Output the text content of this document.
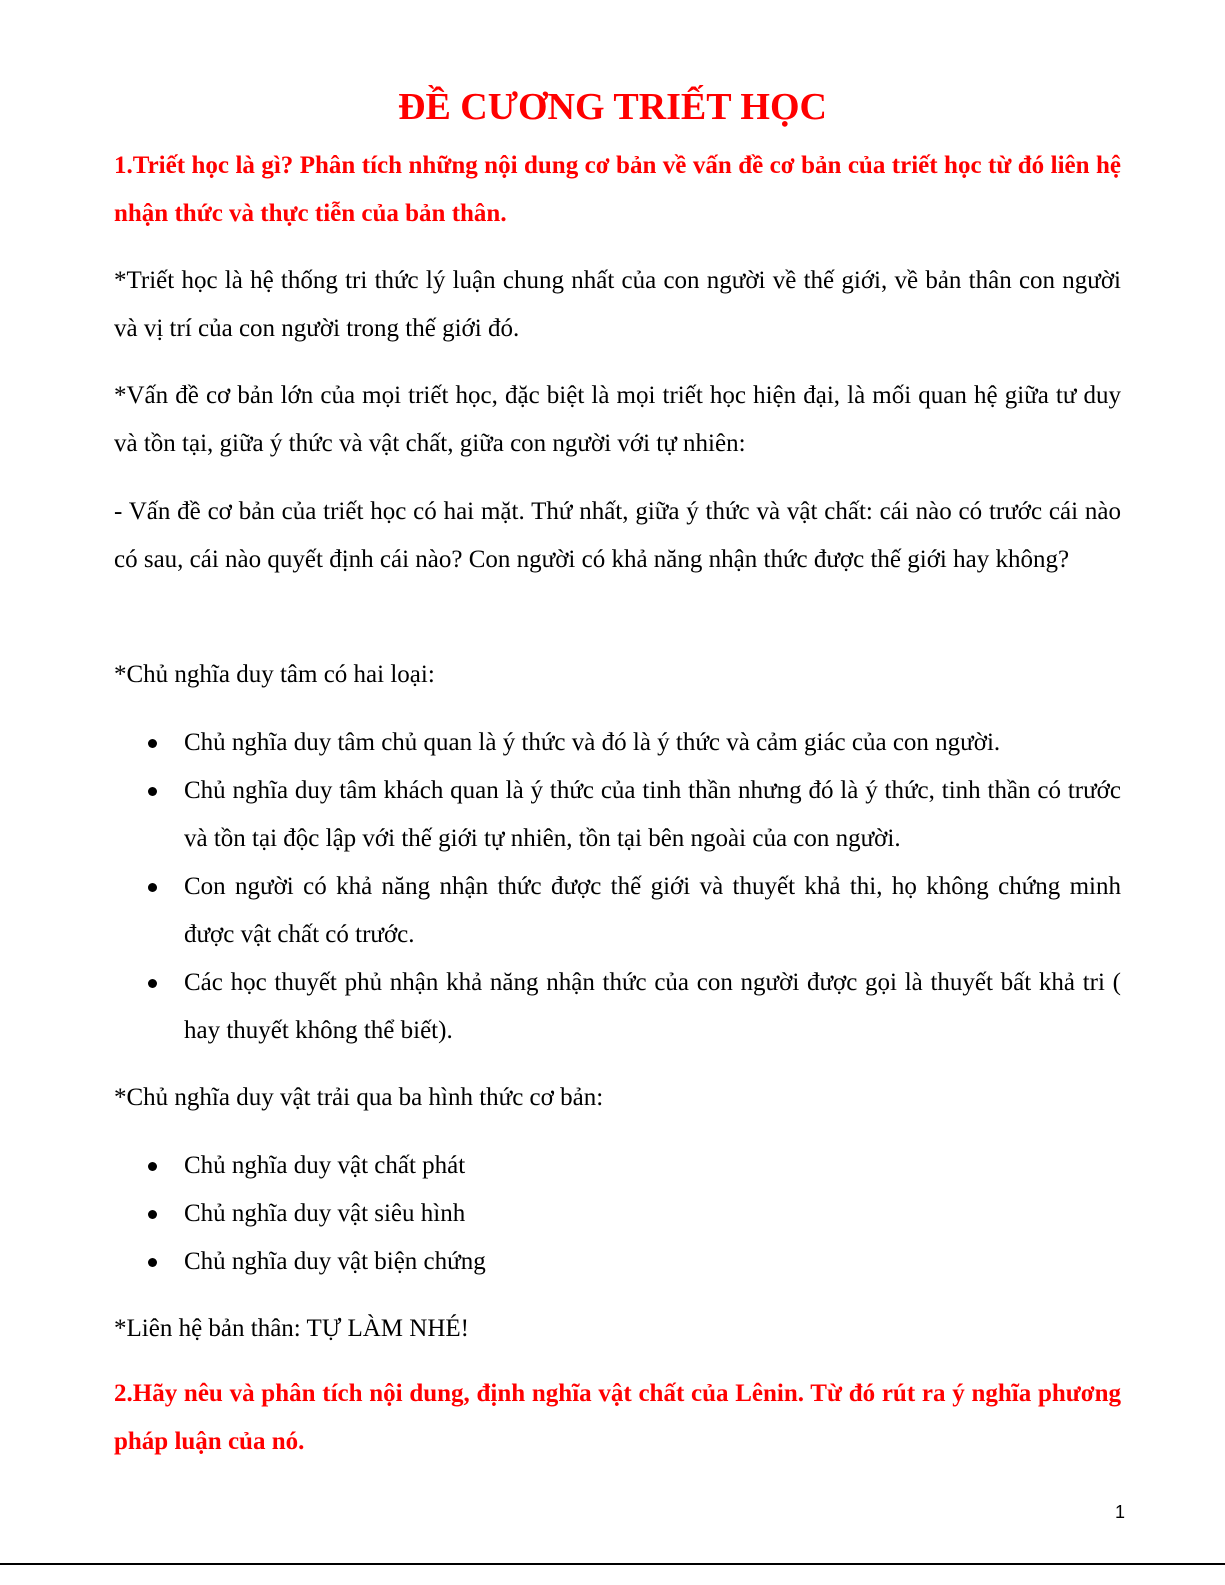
ĐỀ CƯƠNG TRIẾT HỌC

1.Triết học là gì? Phân tích những nội dung cơ bản về vấn đề cơ bản của triết học từ đó liên hệ nhận thức và thực tiễn của bản thân.

*Triết học là hệ thống tri thức lý luận chung nhất của con người về thế giới, về bản thân con người và vị trí của con người trong thế giới đó.

*Vấn đề cơ bản lớn của mọi triết học, đặc biệt là mọi triết học hiện đại, là mối quan hệ giữa tư duy và tồn tại, giữa ý thức và vật chất, giữa con người với tự nhiên:

- Vấn đề cơ bản của triết học có hai mặt. Thứ nhất, giữa ý thức và vật chất: cái nào có trước cái nào có sau, cái nào quyết định cái nào? Con người có khả năng nhận thức được thế giới hay không?

*Chủ nghĩa duy tâm có hai loại:

Chủ nghĩa duy tâm chủ quan là ý thức và đó là ý thức và cảm giác của con người.
Chủ nghĩa duy tâm khách quan là ý thức của tinh thần nhưng đó là ý thức, tinh thần có trước và tồn tại độc lập với thế giới tự nhiên, tồn tại bên ngoài của con người.
Con người có khả năng nhận thức được thế giới và thuyết khả thi, họ không chứng minh được vật chất có trước.
Các học thuyết phủ nhận khả năng nhận thức của con người được gọi là thuyết bất khả tri ( hay thuyết không thể biết).

*Chủ nghĩa duy vật trải qua ba hình thức cơ bản:

Chủ nghĩa duy vật chất phát
Chủ nghĩa duy vật siêu hình
Chủ nghĩa duy vật biện chứng

*Liên hệ bản thân: TỰ LÀM NHÉ!

2.Hãy nêu và phân tích nội dung, định nghĩa vật chất của Lênin. Từ đó rút ra ý nghĩa phương pháp luận của nó.

1
